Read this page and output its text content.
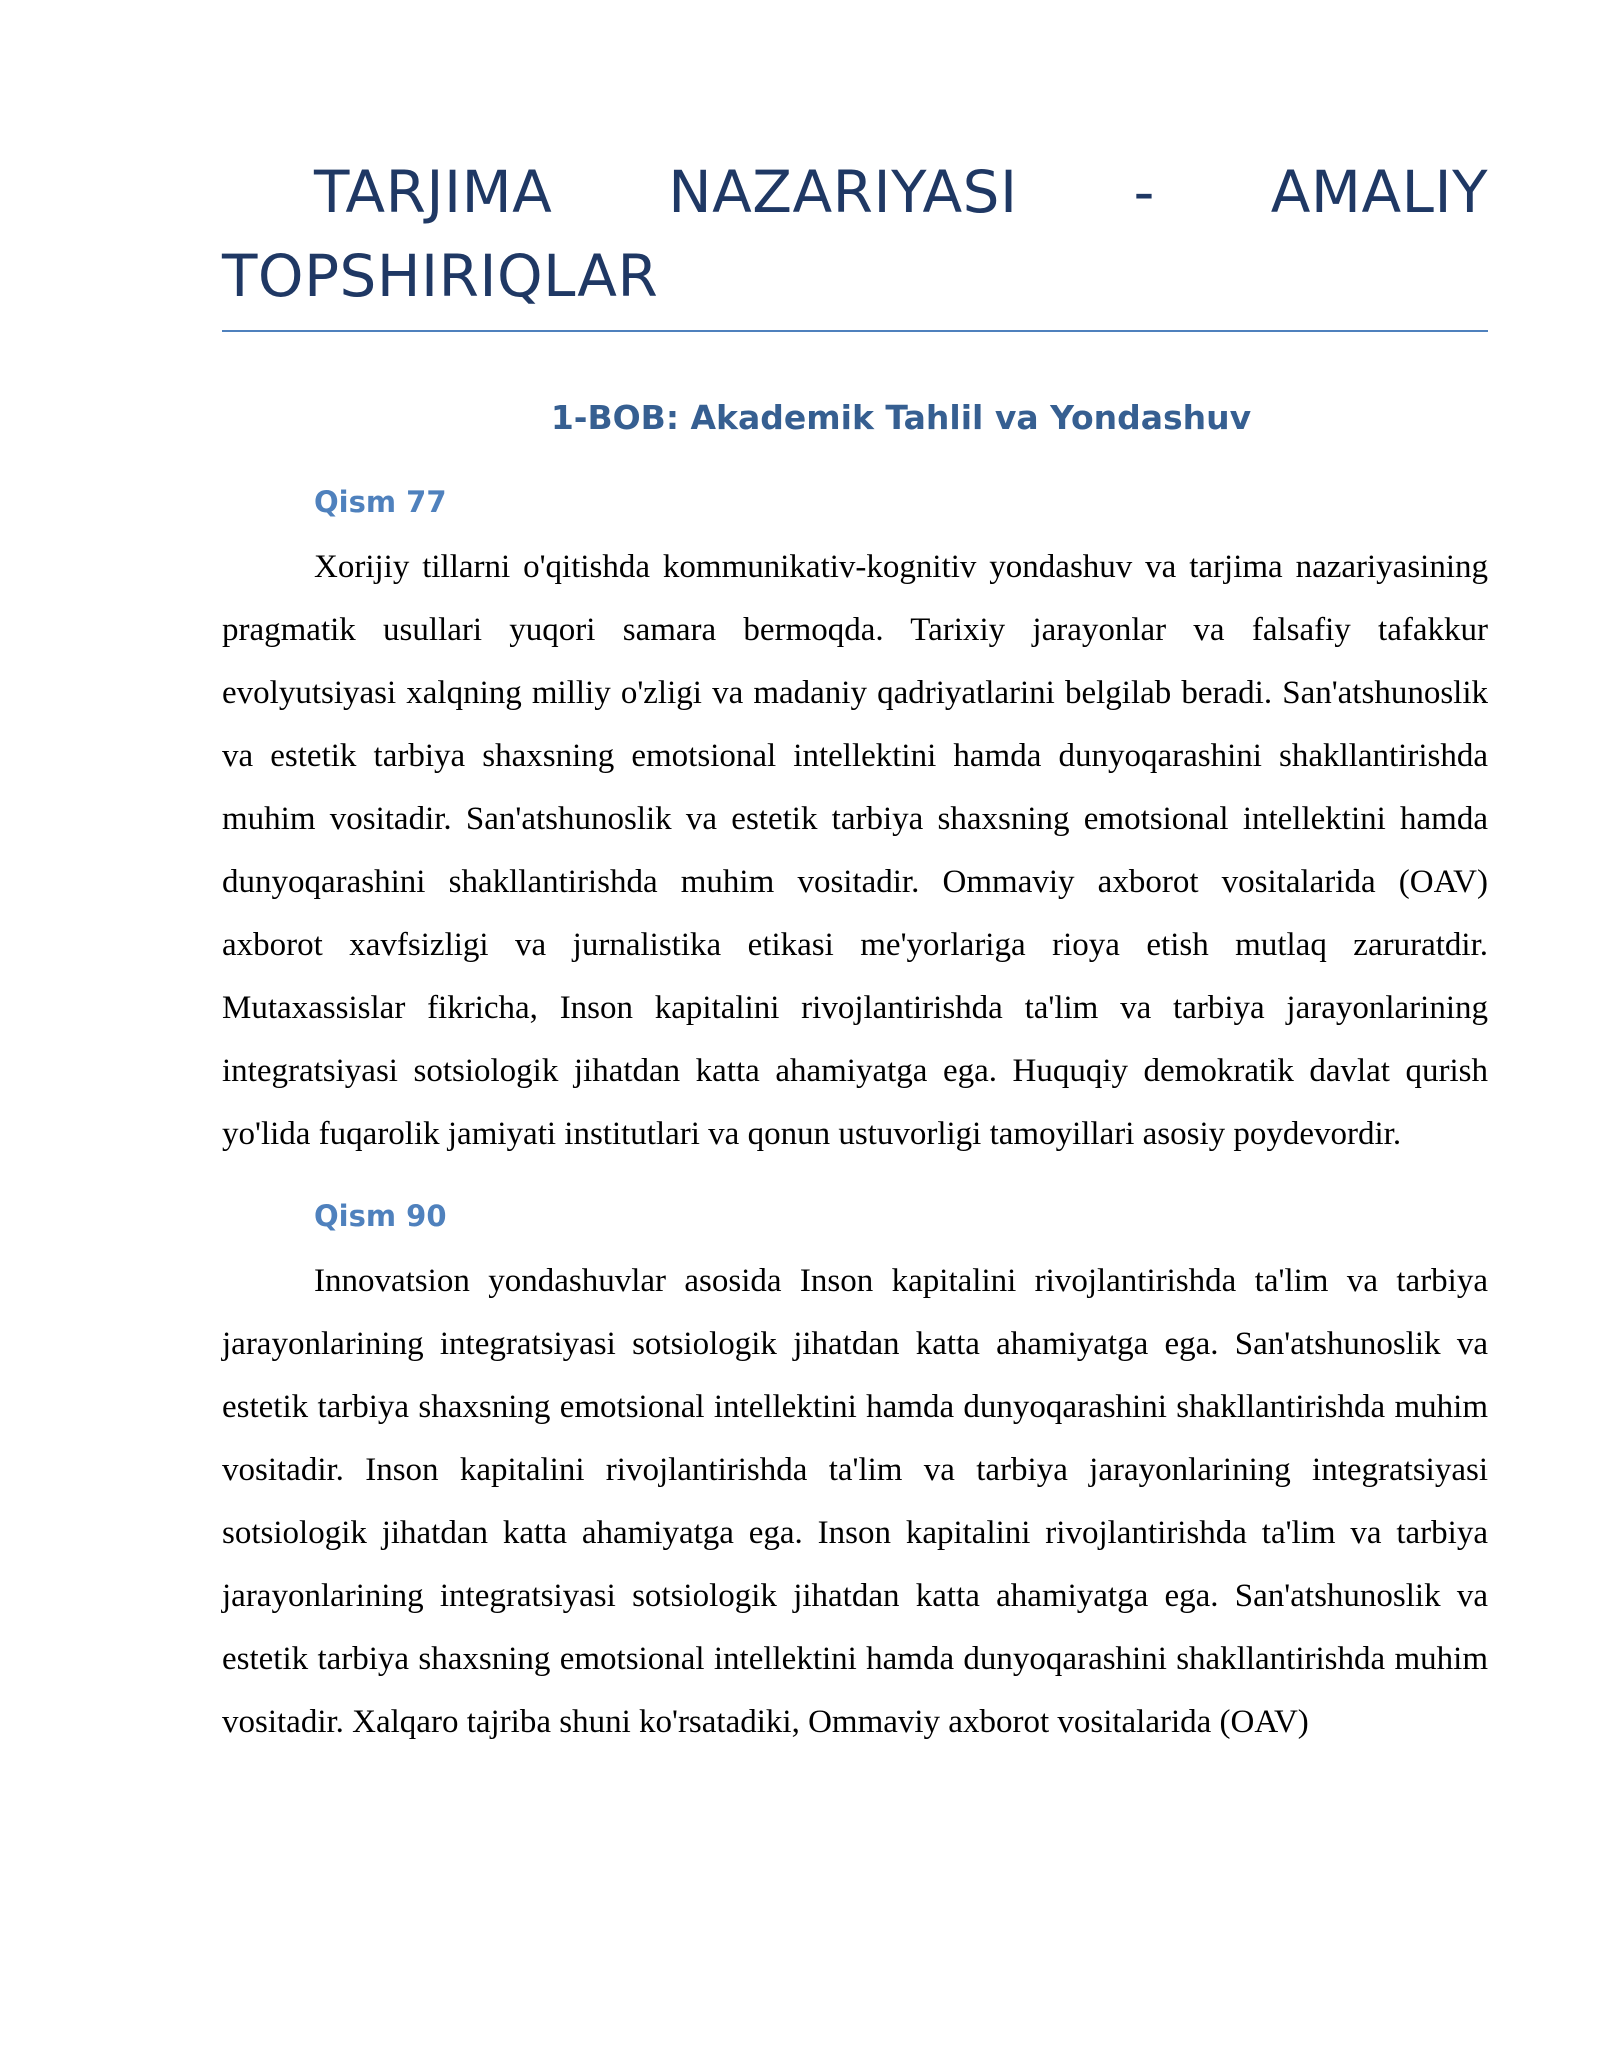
TARJIMA NAZARIYASI - AMALIY TOPSHIRIQLAR
1-BOB: Akademik Tahlil va Yondashuv
Qism 77

Xorijiy tillarni o'qitishda kommunikativ-kognitiv yondashuv va tarjima nazariyasining pragmatik usullari yuqori samara bermoqda. Tarixiy jarayonlar va falsafiy tafakkur evolyutsiyasi xalqning milliy o'zligi va madaniy qadriyatlarini belgilab beradi. San'atshunoslik va estetik tarbiya shaxsning emotsional intellektini hamda dunyoqarashini shakllantirishda muhim vositadir. San'atshunoslik va estetik tarbiya shaxsning emotsional intellektini hamda dunyoqarashini shakllantirishda muhim vositadir. Ommaviy axborot vositalarida (OAV) axborot xavfsizligi va jurnalistika etikasi me'yorlariga rioya etish mutlaq zaruratdir. Mutaxassislar fikricha, Inson kapitalini rivojlantirishda ta'lim va tarbiya jarayonlarining integratsiyasi sotsiologik jihatdan katta ahamiyatga ega. Huquqiy demokratik davlat qurish yo'lida fuqarolik jamiyati institutlari va qonun ustuvorligi tamoyillari asosiy poydevordir.

Qism 90

Innovatsion yondashuvlar asosida Inson kapitalini rivojlantirishda ta'lim va tarbiya jarayonlarining integratsiyasi sotsiologik jihatdan katta ahamiyatga ega. San'atshunoslik va estetik tarbiya shaxsning emotsional intellektini hamda dunyoqarashini shakllantirishda muhim vositadir. Inson kapitalini rivojlantirishda ta'lim va tarbiya jarayonlarining integratsiyasi sotsiologik jihatdan katta ahamiyatga ega. Inson kapitalini rivojlantirishda ta'lim va tarbiya jarayonlarining integratsiyasi sotsiologik jihatdan katta ahamiyatga ega. San'atshunoslik va estetik tarbiya shaxsning emotsional intellektini hamda dunyoqarashini shakllantirishda muhim vositadir. Xalqaro tajriba shuni ko'rsatadiki, Ommaviy axborot vositalarida (OAV)
